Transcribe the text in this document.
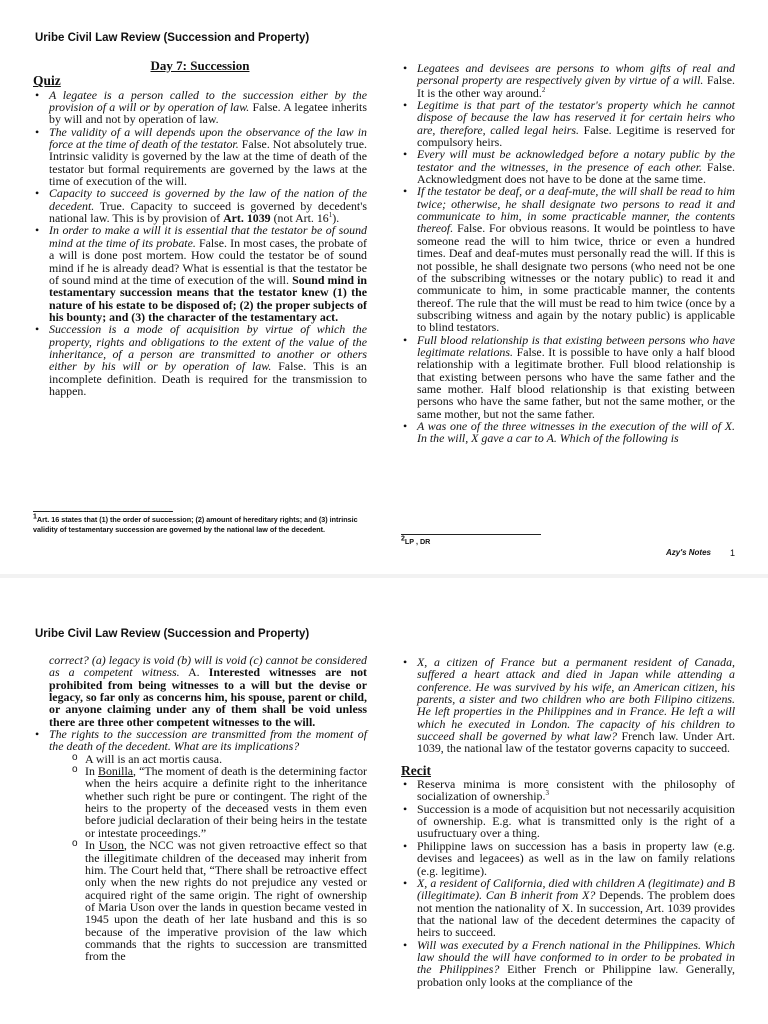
Uribe Civil Law Review (Succession and Property)
Day 7: Succession
Quiz
• A legatee is a person called to the succession either by the provision of a will or by operation of law. False. A legatee inherits by will and not by operation of law.
• The validity of a will depends upon the observance of the law in force at the time of death of the testator. False. Not absolutely true. Intrinsic validity is governed by the law at the time of death of the testator but formal requirements are governed by the laws at the time of execution of the will.
• Capacity to succeed is governed by the law of the nation of the decedent. True. Capacity to succeed is governed by decedent's national law. This is by provision of Art. 1039 (not Art. $16^1$).
• In order to make a will it is essential that the testator be of sound mind at the time of its probate. False. In most cases, the probate of a will is done post mortem. How could the testator be of sound mind if he is already dead? What is essential is that the testator be of sound mind at the time of execution of the will. Sound mind in testamentary succession means that the testator knew (1) the nature of his estate to be disposed of; (2) the proper subjects of his bounty; and (3) the character of the testamentary act.
• Succession is a mode of acquisition by virtue of which the property, rights and obligations to the extent of the value of the inheritance, of a person are transmitted to another or others either by his will or by operation of law. False. This is an incomplete definition. Death is required for the transmission to happen.
$^1$Art. 16 states that (1) the order of succession; (2) amount of hereditary rights; and (3) intrinsic validity of testamentary succession are governed by the national law of the decedent.
• Legatees and devisees are persons to whom gifts of real and personal property are respectively given by virtue of a will. False. It is the other way around.$^2$
• Legitime is that part of the testator's property which he cannot dispose of because the law has reserved it for certain heirs who are, therefore, called legal heirs. False. Legitime is reserved for compulsory heirs.
• Every will must be acknowledged before a notary public by the testator and the witnesses, in the presence of each other. False. Acknowledgment does not have to be done at the same time.
• If the testator be deaf, or a deaf-mute, the will shall be read to him twice; otherwise, he shall designate two persons to read it and communicate to him, in some practicable manner, the contents thereof. False. For obvious reasons. It would be pointless to have someone read the will to him twice, thrice or even a hundred times. Deaf and deaf-mutes must personally read the will. If this is not possible, he shall designate two persons (who need not be one of the subscribing witnesses or the notary public) to read it and communicate to him, in some practicable manner, the contents thereof. The rule that the will must be read to him twice (once by a subscribing witness and again by the notary public) is applicable to blind testators.
• Full blood relationship is that existing between persons who have legitimate relations. False. It is possible to have only a half blood relationship with a legitimate brother. Full blood relationship is that existing between persons who have the same father and the same mother. Half blood relationship is that existing between persons who have the same father, but not the same mother, or the same mother, but not the same father.
• A was one of the three witnesses in the execution of the will of X. In the will, X gave a car to A. Which of the following is
$^2$LP , DR
Azy's Notes 1
Uribe Civil Law Review (Succession and Property)
correct? (a) legacy is void (b) will is void (c) cannot be considered as a competent witness. A. Interested witnesses are not prohibited from being witnesses to a will but the devise or legacy, so far only as concerns him, his spouse, parent or child, or anyone claiming under any of them shall be void unless there are three other competent witnesses to the will.
• The rights to the succession are transmitted from the moment of the death of the decedent. What are its implications?
o A will is an act mortis causa.
o In Bonilla, “The moment of death is the determining factor when the heirs acquire a definite right to the inheritance whether such right be pure or contingent. The right of the heirs to the property of the deceased vests in them even before judicial declaration of their being heirs in the testate or intestate proceedings.”
o In Uson, the NCC was not given retroactive effect so that the illegitimate children of the deceased may inherit from him. The Court held that, “There shall be retroactive effect only when the new rights do not prejudice any vested or acquired right of the same origin. The right of ownership of Maria Uson over the lands in question became vested in 1945 upon the death of her late husband and this is so because of the imperative provision of the law which commands that the rights to succession are transmitted from the
• X, a citizen of France but a permanent resident of Canada, suffered a heart attack and died in Japan while attending a conference. He was survived by his wife, an American citizen, his parents, a sister and two children who are both Filipino citizens. He left properties in the Philippines and in France. He left a will which he executed in London. The capacity of his children to succeed shall be governed by what law? French law. Under Art. 1039, the national law of the testator governs capacity to succeed.
Recit
• Reserva minima is more consistent with the philosophy of socialization of ownership.$^3$
• Succession is a mode of acquisition but not necessarily acquisition of ownership. E.g. what is transmitted only is the right of a usufructuary over a thing.
• Philippine laws on succession has a basis in property law (e.g. devises and legacees) as well as in the law on family relations (e.g. legitime).
• X, a resident of California, died with children A (legitimate) and B (illegitimate). Can B inherit from X? Depends. The problem does not mention the nationality of X. In succession, Art. 1039 provides that the national law of the decedent determines the capacity of heirs to succeed.
• Will was executed by a French national in the Philippines. Which law should the will have conformed to in order to be probated in the Philippines? Either French or Philippine law. Generally, probation only looks at the compliance of the
